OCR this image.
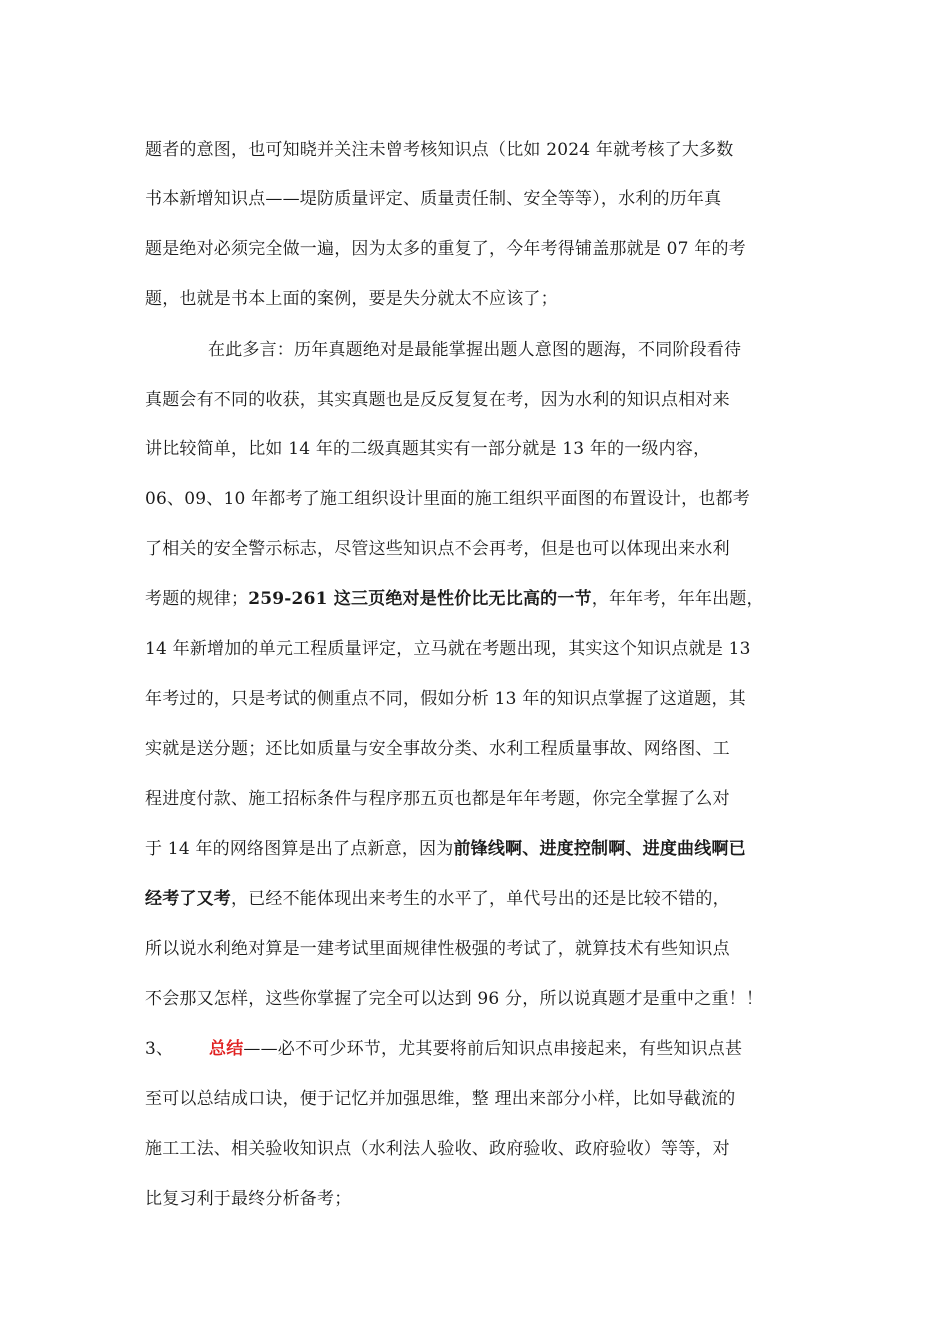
题者的意图，也可知晓并关注未曾考核知识点（比如 2024 年就考核了大多数
书本新增知识点——堤防质量评定、质量责任制、安全等等），水利的历年真
题是绝对必须完全做一遍，因为太多的重复了，今年考得铺盖那就是 07 年的考
题，也就是书本上面的案例，要是失分就太不应该了；
在此多言：历年真题绝对是最能掌握出题人意图的题海，不同阶段看待
真题会有不同的收获，其实真题也是反反复复在考，因为水利的知识点相对来
讲比较简单，比如 14 年的二级真题其实有一部分就是 13 年的一级内容，
06、09、10 年都考了施工组织设计里面的施工组织平面图的布置设计，也都考
了相关的安全警示标志，尽管这些知识点不会再考，但是也可以体现出来水利
考题的规律；259-261 这三页绝对是性价比无比高的一节，年年考，年年出题，
14 年新增加的单元工程质量评定，立马就在考题出现，其实这个知识点就是 13
年考过的，只是考试的侧重点不同，假如分析 13 年的知识点掌握了这道题，其
实就是送分题；还比如质量与安全事故分类、水利工程质量事故、网络图、工
程进度付款、施工招标条件与程序那五页也都是年年考题，你完全掌握了么对
于 14 年的网络图算是出了点新意，因为前锋线啊、进度控制啊、进度曲线啊已
经考了又考，已经不能体现出来考生的水平了，单代号出的还是比较不错的，
所以说水利绝对算是一建考试里面规律性极强的考试了，就算技术有些知识点
不会那又怎样，这些你掌握了完全可以达到 96 分，所以说真题才是重中之重！！
3、 总结——必不可少环节，尤其要将前后知识点串接起来，有些知识点甚
至可以总结成口诀，便于记忆并加强思维，整 理出来部分小样，比如导截流的
施工工法、相关验收知识点（水利法人验收、政府验收、政府验收）等等，对
比复习利于最终分析备考；
